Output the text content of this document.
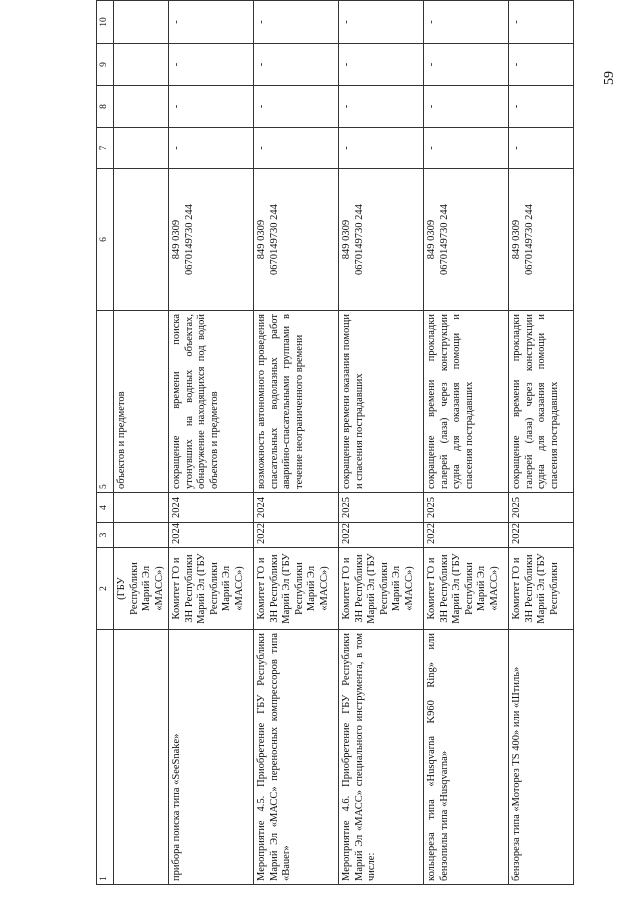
59
1	2	3	4	5	6	7	8	9	10
	(ГБУ Республики Марий Эл «МАСС»)			объектов и предметов					
прибора поиска типа «SeeSnake»	Комитет ГО и ЗН Республики Марий Эл (ГБУ Республики Марий Эл «МАСС»)	2024	2024	сокращение времени поиска утонувших на водных объектах, обнаружение находящихся под водой объектов и предметов	849 0309
0670149730 244	-	-	-	-
Мероприятие 4.5. Приобретение ГБУ Республики Марий Эл «МАСС» переносных компрессоров типа «Bauer»	Комитет ГО и ЗН Республики Марий Эл (ГБУ Республики Марий Эл «МАСС»)	2022	2024	возможность автономного проведения спасательных водолазных работ аварийно-спасательными группами в течение неограниченного времени	849 0309
0670149730 244	-	-	-	-
Мероприятие 4.6. Приобретение ГБУ Республики Марий Эл «МАСС» специального инструмента, в том числе:	Комитет ГО и ЗН Республики Марий Эл (ГБУ Республики Марий Эл «МАСС»)	2022	2025	сокращение времени оказания помощи и спасения пострадавших	849 0309
0670149730 244	-	-	-	-
кольцереза типа «Husqvarna K960 Ring» или бензопилы типа «Husqvarna»	Комитет ГО и ЗН Республики Марий Эл (ГБУ Республики Марий Эл «МАСС»)	2022	2025	сокращение времени прокладки галерей (лаза) через конструкции судна для оказания помощи и спасения пострадавших	849 0309
0670149730 244	-	-	-	-
бензореза типа «Моторез TS 400» или «Штиль»	Комитет ГО и ЗН Республики Марий Эл (ГБУ Республики	2022	2025	сокращение времени прокладки галерей (лаза) через конструкции судна для оказания помощи и спасения пострадавших	849 0309
0670149730 244	-	-	-	-
